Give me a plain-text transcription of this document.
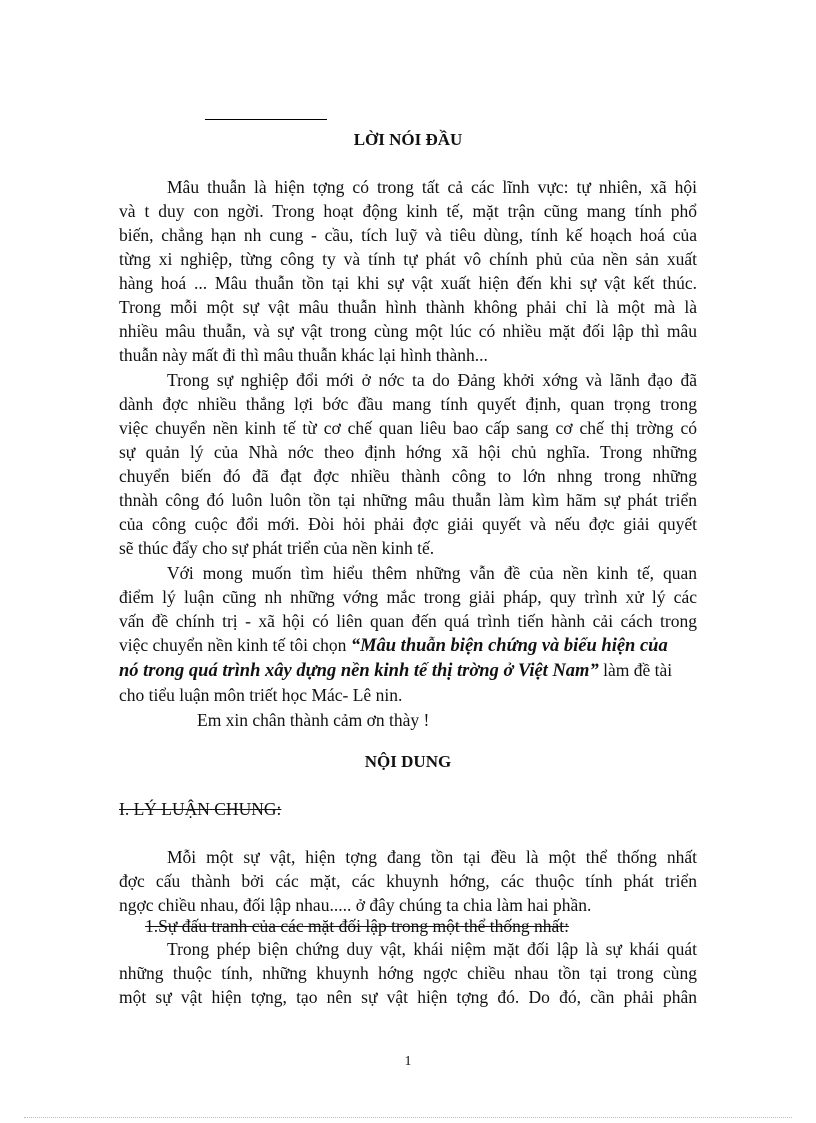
LỜI NÓI ĐẦU
Mâu thuẫn là hiện tợng có trong tất cả các lĩnh vực: tự nhiên, xã hội
và t duy con ngời. Trong hoạt động kinh tế, mặt trận cũng mang tính phổ
biến, chẳng hạn nh cung - cầu, tích luỹ và tiêu dùng, tính kế hoạch hoá của
từng xi nghiệp, từng công ty và tính tự phát vô chính phủ của nền sản xuất
hàng hoá ... Mâu thuẫn tồn tại khi sự vật xuất hiện đến khi sự vật kết thúc.
Trong mỗi một sự vật mâu thuẫn hình thành không phải chỉ là một mà là
nhiều mâu thuẫn, và sự vật trong cùng một lúc có nhiều mặt đối lập thì mâu
thuẫn này mất đi thì mâu thuẫn khác lại hình thành...
Trong sự nghiệp đổi mới ở nớc ta do Đảng khởi xớng và lãnh đạo đã
dành đợc nhiều thắng lợi bớc đầu mang tính quyết định, quan trọng trong
việc chuyển nền kinh tế từ cơ chế quan liêu bao cấp sang cơ chế thị trờng có
sự quản lý của Nhà nớc theo định hớng xã hội chủ nghĩa. Trong những
chuyển biến đó đã đạt đợc nhiều thành công to lớn nhng trong những
thnàh công đó luôn luôn tồn tại những mâu thuẫn làm kìm hãm sự phát triển
của công cuộc đổi mới. Đòi hỏi phải đợc giải quyết và nếu đợc giải quyết
sẽ thúc đẩy cho sự phát triển của nền kinh tế.
Với mong muốn tìm hiểu thêm những vẫn đề của nền kinh tế, quan
điểm lý luận cũng nh những vớng mắc trong giải pháp, quy trình xử lý các
vấn đề chính trị - xã hội có liên quan đến quá trình tiến hành cải cách trong
việc chuyển nền kinh tế tôi chọn “Mâu thuẫn biện chứng và biểu hiện của
nó trong quá trình xây dựng nền kinh tế thị trờng ở Việt Nam” làm đề tài
cho tiểu luận môn triết học Mác- Lê nin.
Em xin chân thành cảm ơn thày !
NỘI DUNG
I. LÝ LUẬN CHUNG:
Mỗi một sự vật, hiện tợng đang tồn tại đều là một thể thống nhất
đợc cấu thành bởi các mặt, các khuynh hớng, các thuộc tính phát triển
ngợc chiều nhau, đối lập nhau..... ở đây chúng ta chia làm hai phần.
1.Sự đấu tranh của các mặt đối lập trong một thể thống nhất:
Trong phép biện chứng duy vật, khái niệm mặt đối lập là sự khái quát
những thuộc tính, những khuynh hớng ngợc chiều nhau tồn tại trong cùng
một sự vật hiện tợng, tạo nên sự vật hiện tợng đó. Do đó, cần phải phân
1
